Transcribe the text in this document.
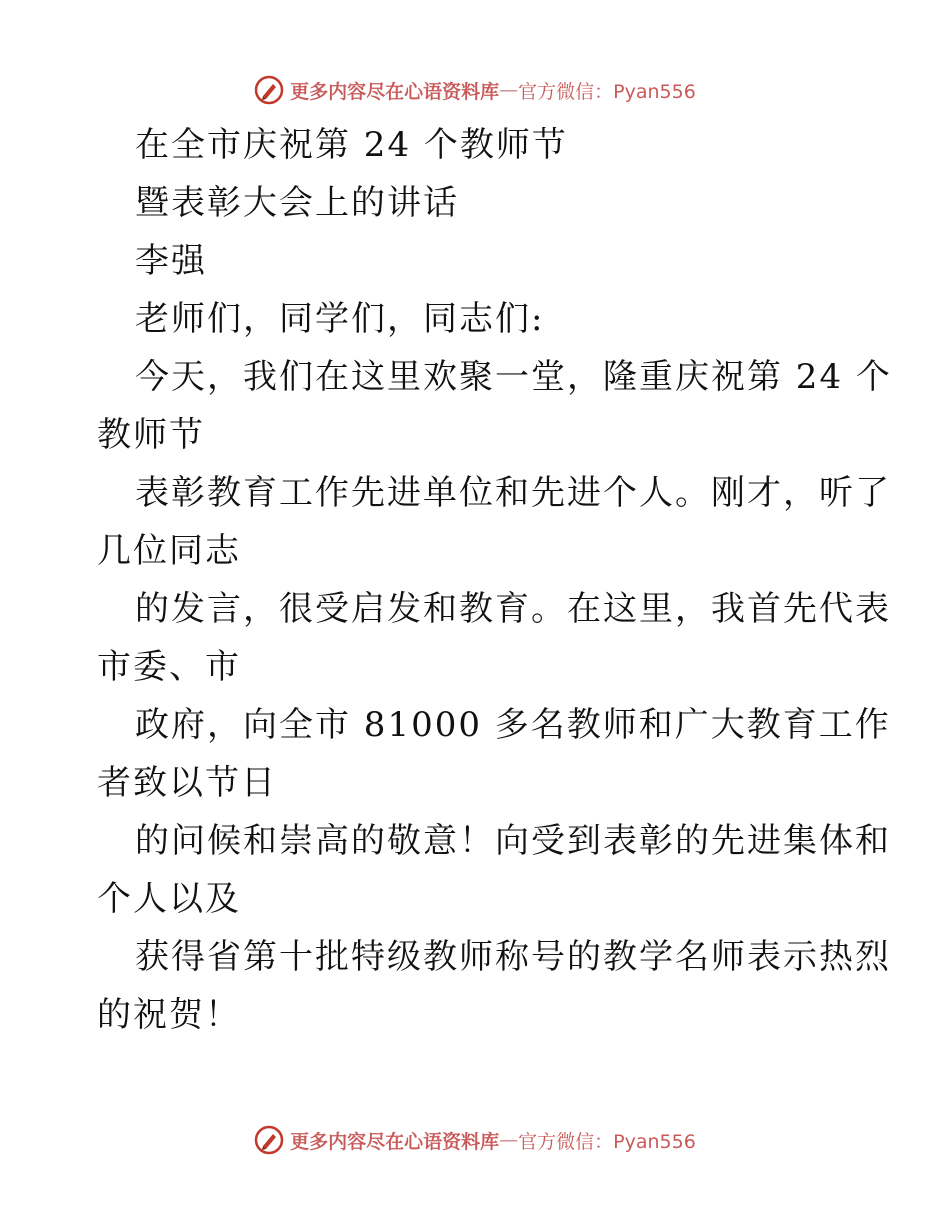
更多内容尽在心语资料库 — 官方微信：Pyan556
在全市庆祝第 24 个教师节
暨表彰大会上的讲话
李强
老师们，同学们，同志们:
今天，我们在这里欢聚一堂，隆重庆祝第 24 个
教师节
表彰教育工作先进单位和先进个人。刚才，听了
几位同志
的发言，很受启发和教育。在这里，我首先代表
市委、市
政府，向全市 81000 多名教师和广大教育工作
者致以节日
的问候和崇高的敬意！向受到表彰的先进集体和
个人以及
获得省第十批特级教师称号的教学名师表示热烈
的祝贺！
更多内容尽在心语资料库 — 官方微信：Pyan556
